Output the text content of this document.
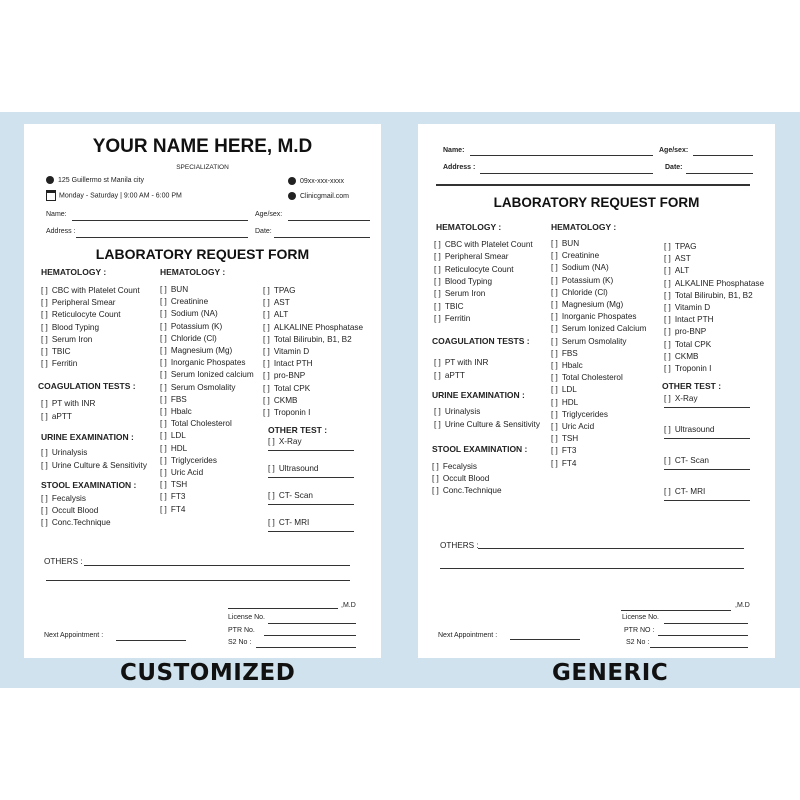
YOUR NAME HERE, M.D
SPECIALIZATION
125 Guillermo st Manila city
Monday - Saturday | 9:00 AM - 6:00 PM
09xx-xxx-xxxx
Clinicgmail.com
Name:	Age/sex:
Address :	Date:
LABORATORY REQUEST FORM
HEMATOLOGY :	HEMATOLOGY :
[ ] CBC with Platelet Count
[ ] Peripheral Smear
[ ] Reticulocyte Count
[ ] Blood Typing
[ ] Serum Iron
[ ] TBIC
[ ] Ferritin
COAGULATION TESTS :
[ ] PT with INR
[ ] aPTT
URINE EXAMINATION :
[ ] Urinalysis
[ ] Urine Culture & Sensitivity
STOOL EXAMINATION :
[ ] Fecalysis
[ ] Occult Blood
[ ] Conc.Technique
[ ] BUN
[ ] Creatinine
[ ] Sodium (NA)
[ ] Potassium (K)
[ ] Chloride (Cl)
[ ] Magnesium (Mg)
[ ] Inorganic Phospates
[ ] Serum Ionized calcium
[ ] Serum Osmolality
[ ] FBS
[ ] Hbalc
[ ] Total Cholesterol
[ ] LDL
[ ] HDL
[ ] Triglycerides
[ ] Uric Acid
[ ] TSH
[ ] FT3
[ ] FT4
[ ] TPAG
[ ] AST
[ ] ALT
[ ] ALKALINE Phosphatase
[ ] Total Bilirubin, B1, B2
[ ] Vitamin D
[ ] Intact PTH
[ ] pro-BNP
[ ] Total CPK
[ ] CKMB
[ ] Troponin I
OTHER TEST :
[ ] X-Ray
[ ] Ultrasound
[ ] CT- Scan
[ ] CT- MRI
OTHERS :
,M.D
License No.
PTR No.
S2 No :
Next Appointment :
Name:	Age/sex:
Address :	Date:
LABORATORY REQUEST FORM
HEMATOLOGY :	HEMATOLOGY :
[ ] CBC with Platelet Count
[ ] Peripheral Smear
[ ] Reticulocyte Count
[ ] Blood Typing
[ ] Serum Iron
[ ] TBIC
[ ] Ferritin
COAGULATION TESTS :
[ ] PT with INR
[ ] aPTT
URINE EXAMINATION :
[ ] Urinalysis
[ ] Urine Culture & Sensitivity
STOOL EXAMINATION :
[ ] Fecalysis
[ ] Occult Blood
[ ] Conc.Technique
[ ] BUN
[ ] Creatinine
[ ] Sodium (NA)
[ ] Potassium (K)
[ ] Chloride (Cl)
[ ] Magnesium (Mg)
[ ] Inorganic Phospates
[ ] Serum Ionized Calcium
[ ] Serum Osmolality
[ ] FBS
[ ] Hbalc
[ ] Total Cholesterol
[ ] LDL
[ ] HDL
[ ] Triglycerides
[ ] Uric Acid
[ ] TSH
[ ] FT3
[ ] FT4
[ ] TPAG
[ ] AST
[ ] ALT
[ ] ALKALINE Phosphatase
[ ] Total Bilirubin, B1, B2
[ ] Vitamin D
[ ] Intact PTH
[ ] pro-BNP
[ ] Total CPK
[ ] CKMB
[ ] Troponin I
OTHER TEST :
[ ] X-Ray
[ ] Ultrasound
[ ] CT- Scan
[ ] CT- MRI
OTHERS :
,M.D
License No.
PTR NO :
S2 No :
Next Appointment :
CUSTOMIZED	GENERIC
